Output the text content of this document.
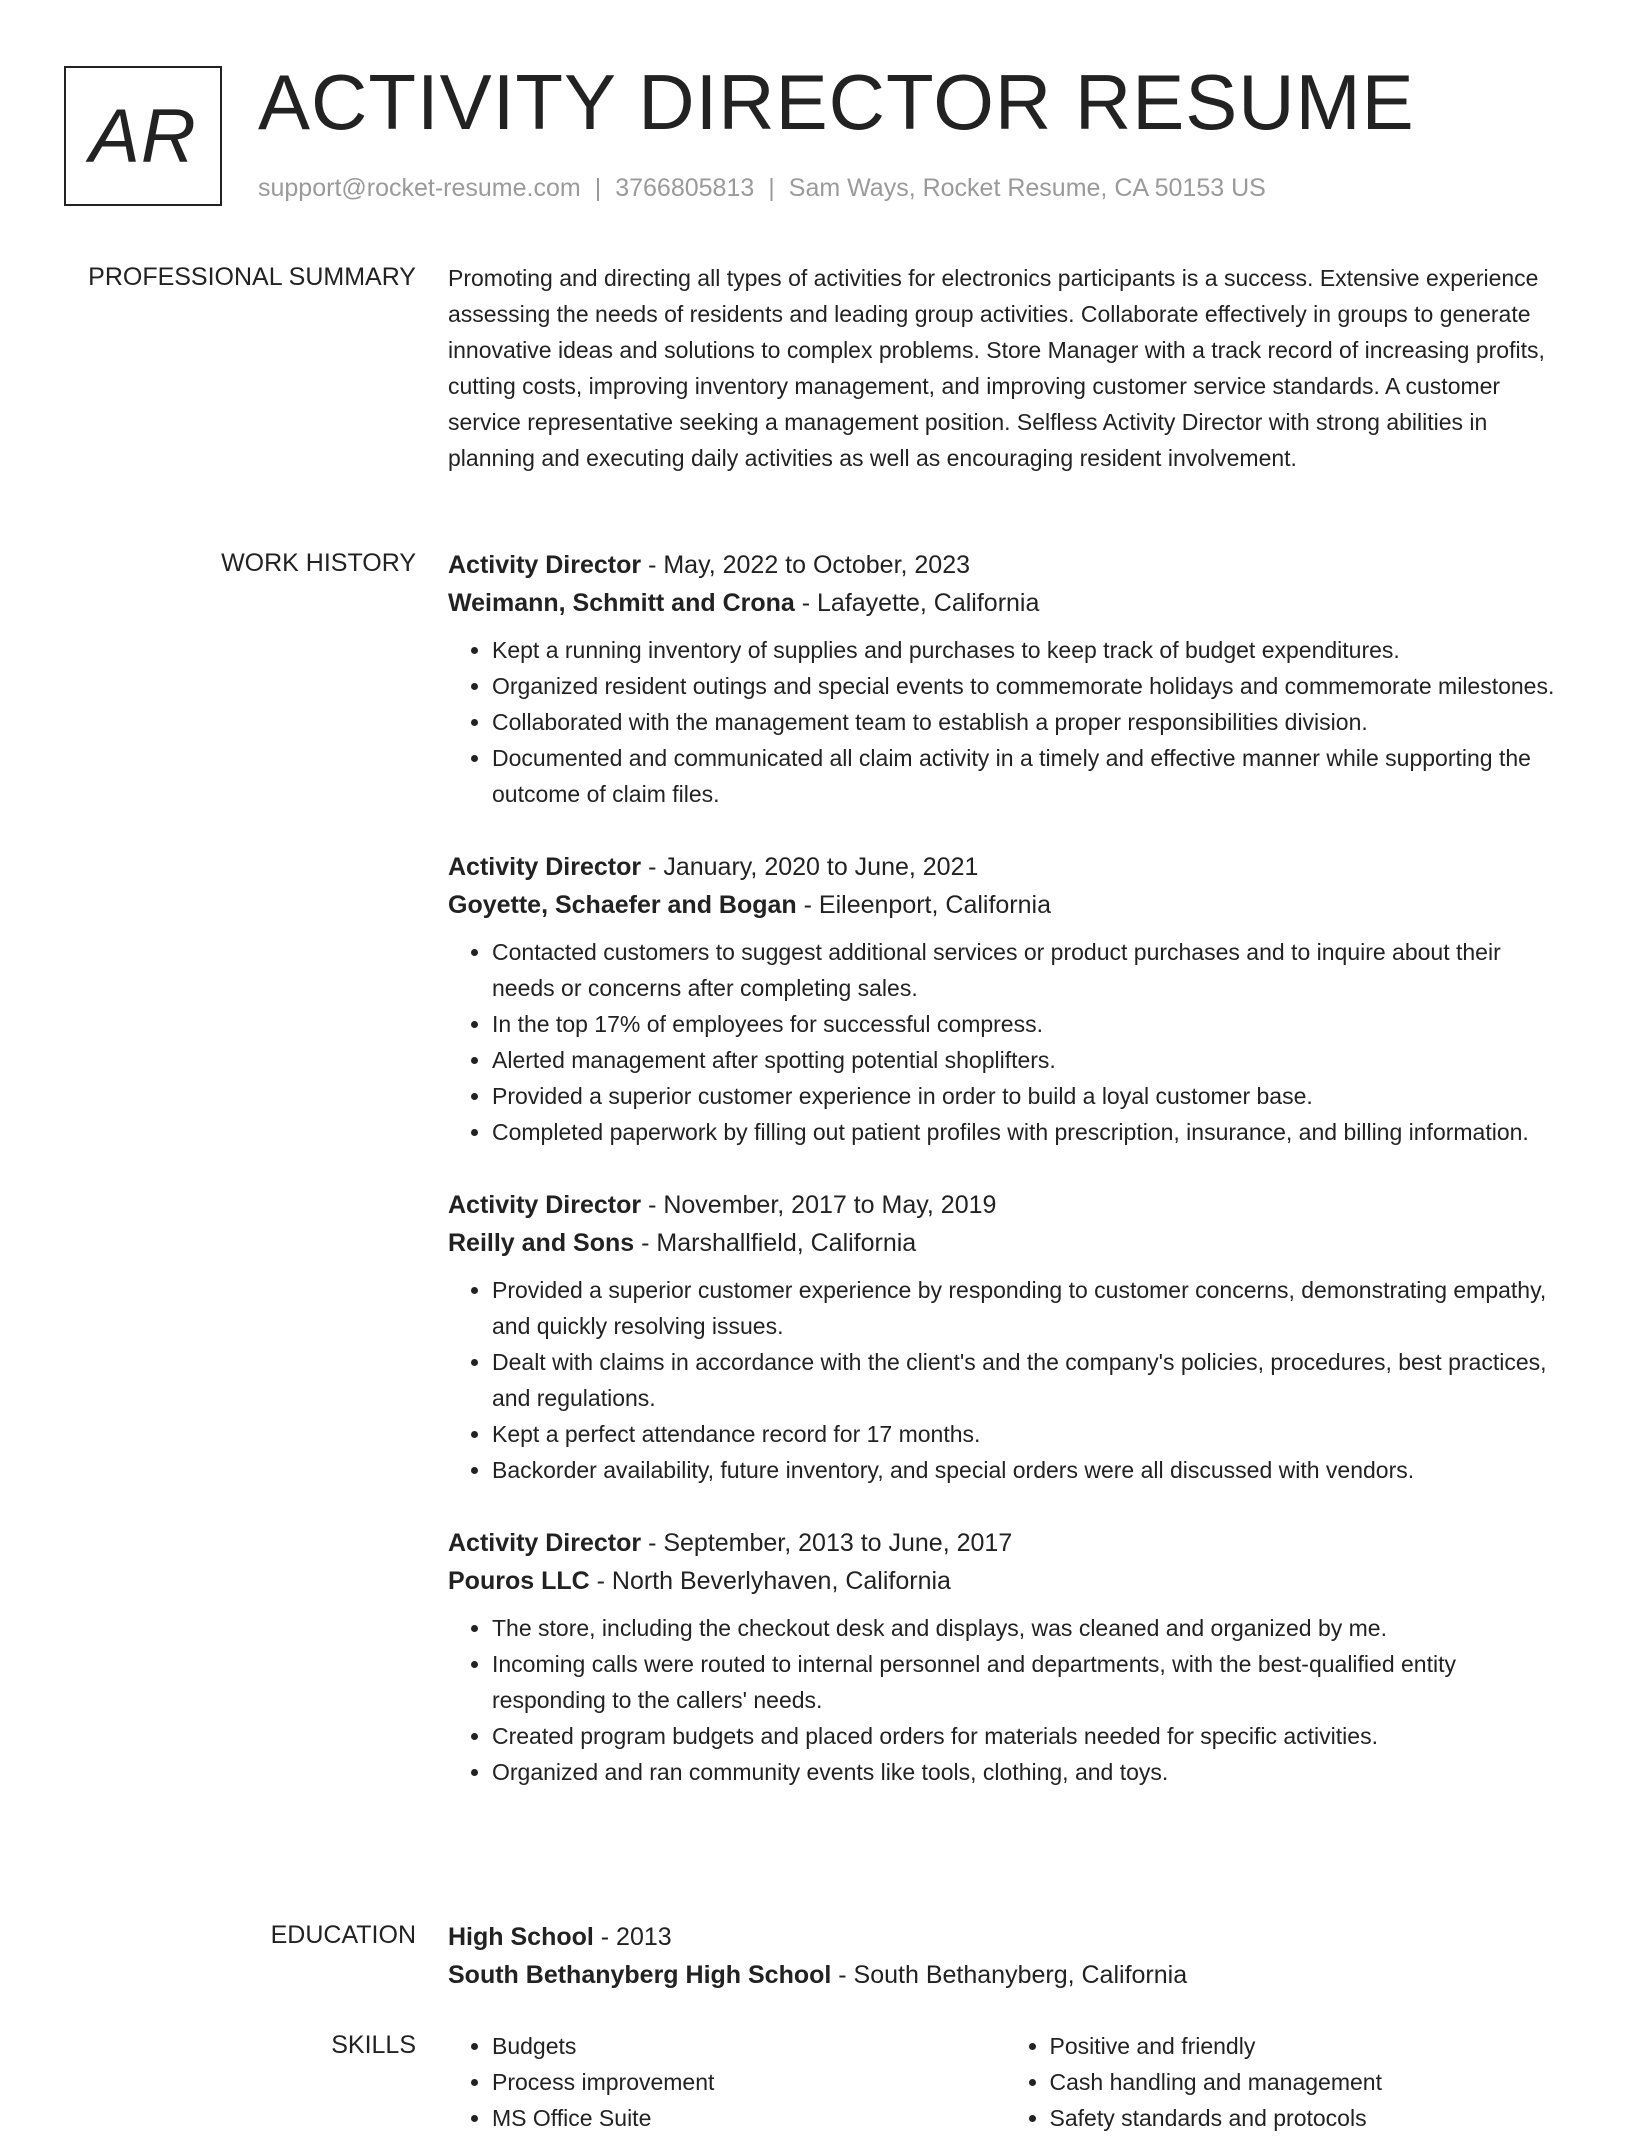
AR ACTIVITY DIRECTOR RESUME
support@rocket-resume.com | 3766805813 | Sam Ways, Rocket Resume, CA 50153 US
PROFESSIONAL SUMMARY Promoting and directing all types of activities for electronics participants is a success. Extensive experience assessing the needs of residents and leading group activities. Collaborate effectively in groups to generate innovative ideas and solutions to complex problems. Store Manager with a track record of increasing profits, cutting costs, improving inventory management, and improving customer service standards. A customer service representative seeking a management position. Selfless Activity Director with strong abilities in planning and executing daily activities as well as encouraging resident involvement.
WORK HISTORY Activity Director - May, 2022 to October, 2023
Weimann, Schmitt and Crona - Lafayette, California
• Kept a running inventory of supplies and purchases to keep track of budget expenditures.
• Organized resident outings and special events to commemorate holidays and commemorate milestones.
• Collaborated with the management team to establish a proper responsibilities division.
• Documented and communicated all claim activity in a timely and effective manner while supporting the outcome of claim files.
Activity Director - January, 2020 to June, 2021
Goyette, Schaefer and Bogan - Eileenport, California
• Contacted customers to suggest additional services or product purchases and to inquire about their needs or concerns after completing sales.
• In the top 17% of employees for successful compress.
• Alerted management after spotting potential shoplifters.
• Provided a superior customer experience in order to build a loyal customer base.
• Completed paperwork by filling out patient profiles with prescription, insurance, and billing information.
Activity Director - November, 2017 to May, 2019
Reilly and Sons - Marshallfield, California
• Provided a superior customer experience by responding to customer concerns, demonstrating empathy, and quickly resolving issues.
• Dealt with claims in accordance with the client's and the company's policies, procedures, best practices, and regulations.
• Kept a perfect attendance record for 17 months.
• Backorder availability, future inventory, and special orders were all discussed with vendors.
Activity Director - September, 2013 to June, 2017
Pouros LLC - North Beverlyhaven, California
• The store, including the checkout desk and displays, was cleaned and organized by me.
• Incoming calls were routed to internal personnel and departments, with the best-qualified entity responding to the callers' needs.
• Created program budgets and placed orders for materials needed for specific activities.
• Organized and ran community events like tools, clothing, and toys.
EDUCATION High School - 2013
South Bethanyberg High School - South Bethanyberg, California
SKILLS
•	Budgets
• Process improvement
• MS Office Suite
• Positive and friendly
• Cash handling and management
• Safety standards and protocols
